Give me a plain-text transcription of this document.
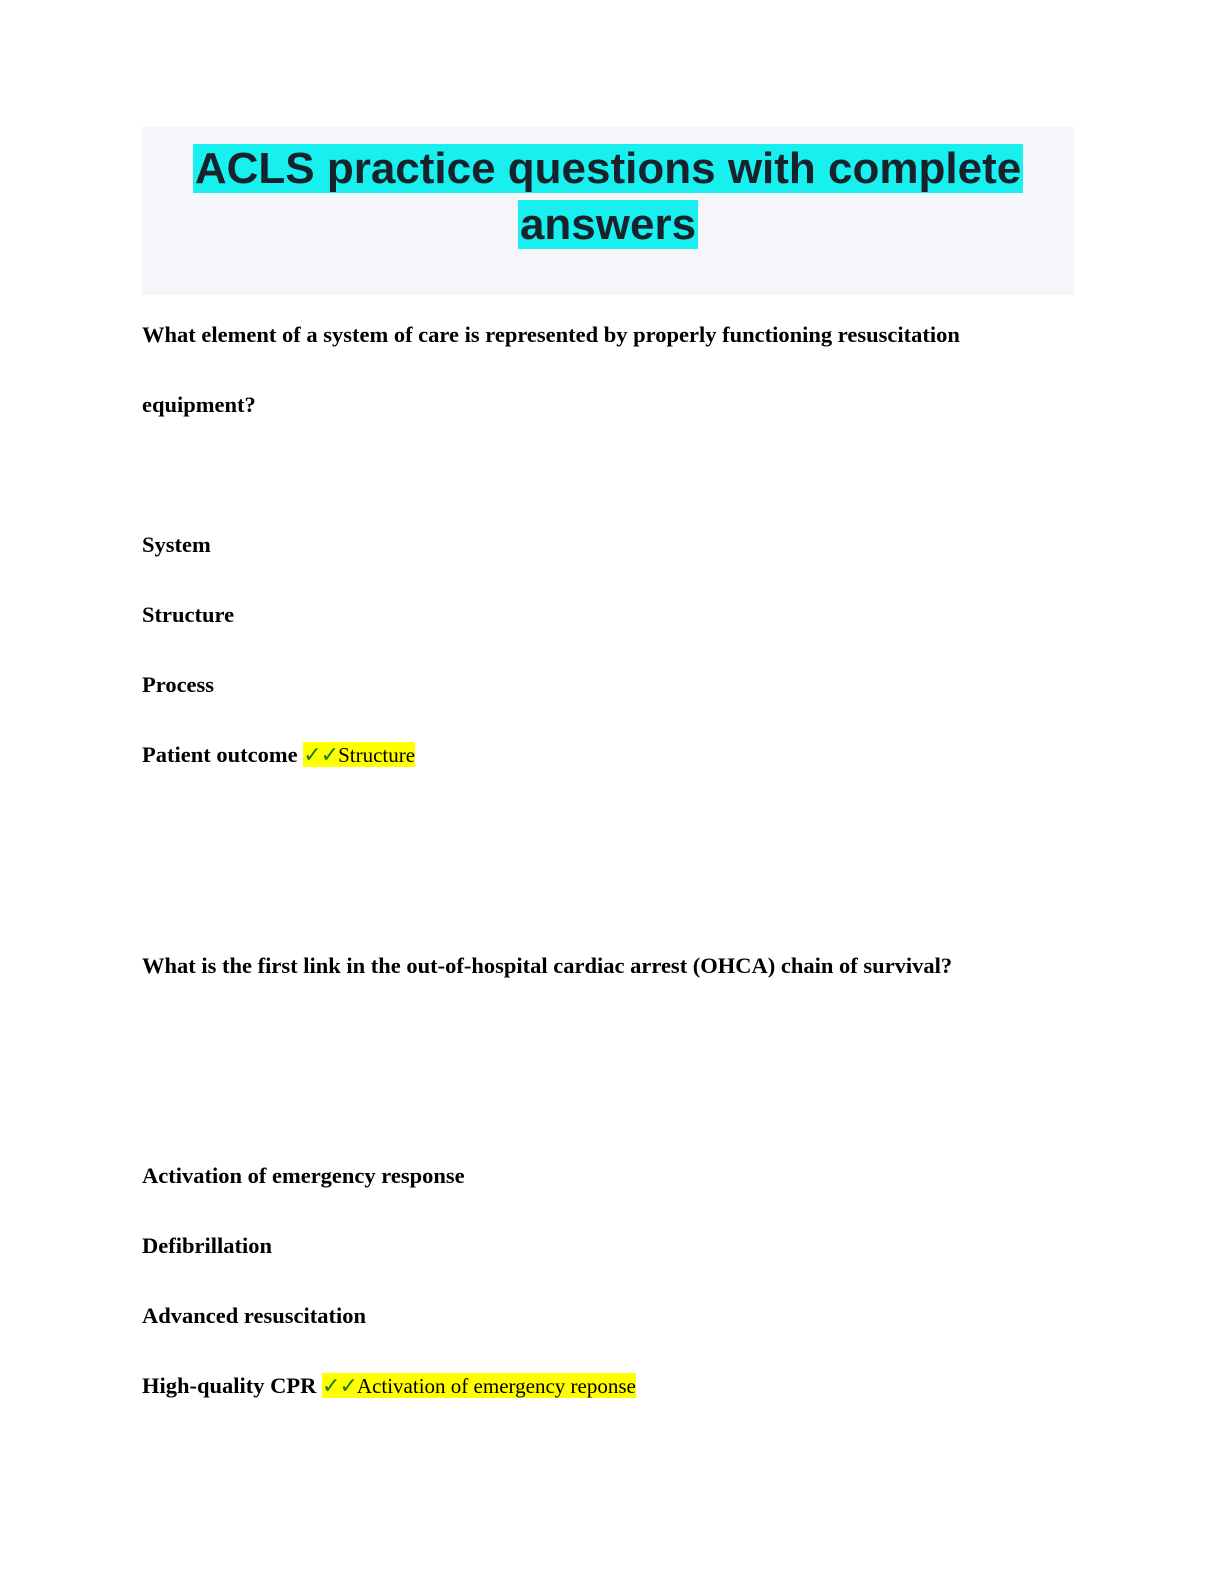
ACLS practice questions with complete
answers

What element of a system of care is represented by properly functioning resuscitation

equipment?

System

Structure

Process

Patient outcome ✓✓Structure

What is the first link in the out-of-hospital cardiac arrest (OHCA) chain of survival?

Activation of emergency response

Defibrillation

Advanced resuscitation

High-quality CPR ✓✓Activation of emergency reponse
